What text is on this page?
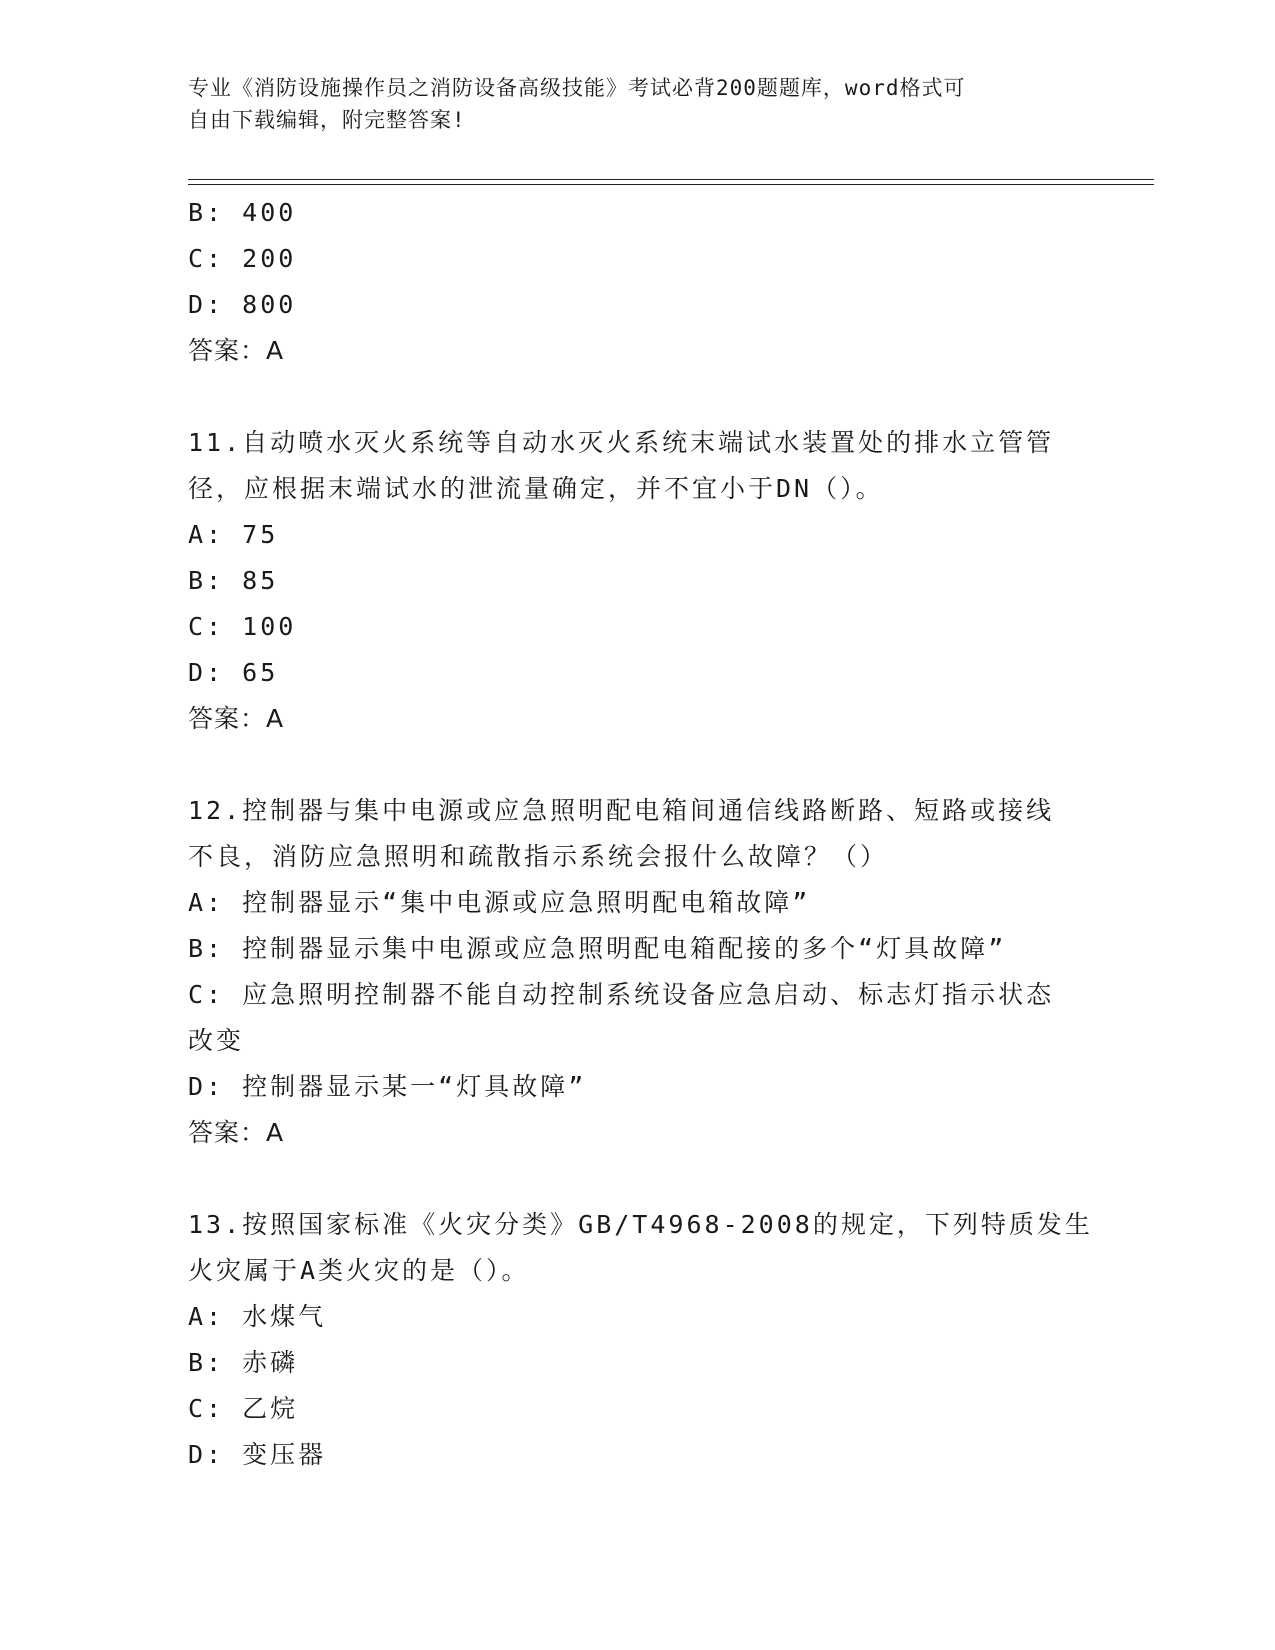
专业《消防设施操作员之消防设备高级技能》考试必背200题题库，word格式可
自由下载编辑，附完整答案!
B: 400
C: 200
D: 800
答案：A
11.自动喷水灭火系统等自动水灭火系统末端试水装置处的排水立管管
径，应根据末端试水的泄流量确定，并不宜小于DN（）。
A: 75
B: 85
C: 100
D: 65
答案：A
12.控制器与集中电源或应急照明配电箱间通信线路断路、短路或接线
不良，消防应急照明和疏散指示系统会报什么故障？（）
A: 控制器显示“集中电源或应急照明配电箱故障”
B: 控制器显示集中电源或应急照明配电箱配接的多个“灯具故障”
C: 应急照明控制器不能自动控制系统设备应急启动、标志灯指示状态
改变
D: 控制器显示某一“灯具故障”
答案：A
13.按照国家标准《火灾分类》GB/T4968-2008的规定，下列特质发生
火灾属于A类火灾的是（）。
A: 水煤气
B: 赤磷
C: 乙烷
D: 变压器
